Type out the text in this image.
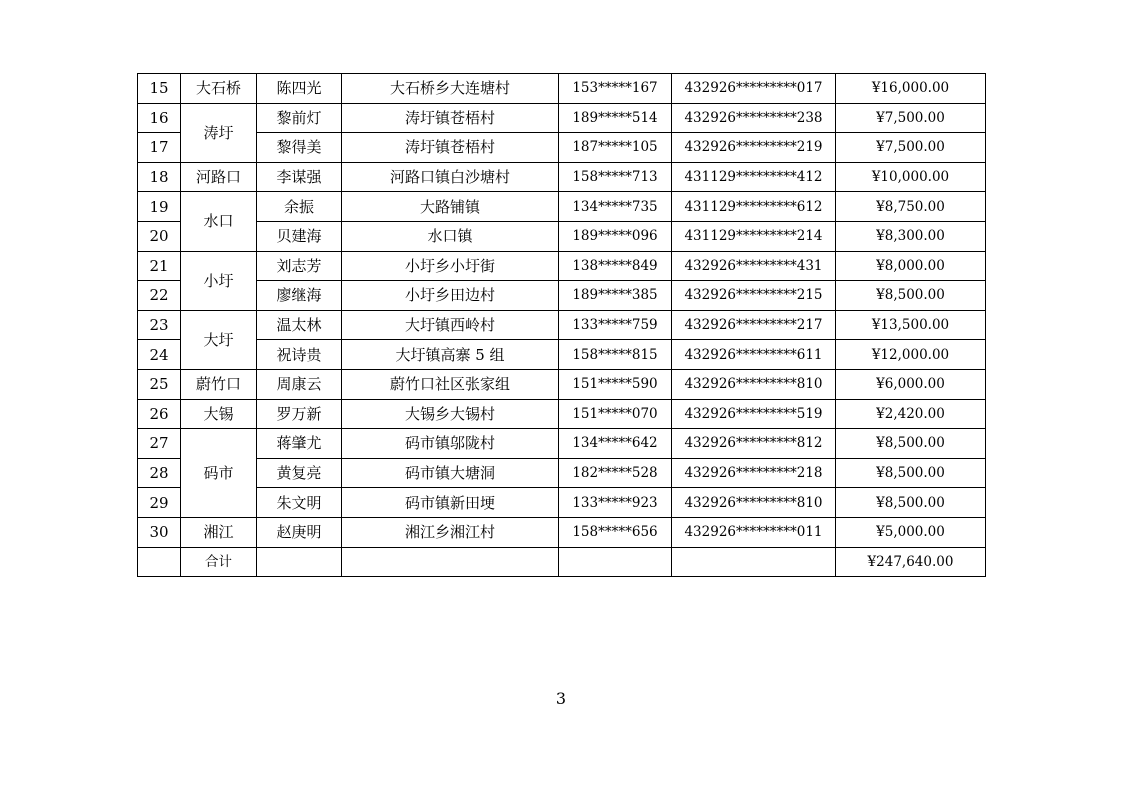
15	大石桥	陈四光	大石桥乡大连塘村	153*****167	432926*********017	¥16,000.00
16	涛圩	黎前灯	涛圩镇苍梧村	189*****514	432926*********238	¥7,500.00
17		黎得美	涛圩镇苍梧村	187*****105	432926*********219	¥7,500.00
18	河路口	李谋强	河路口镇白沙塘村	158*****713	431129*********412	¥10,000.00
19	水口	余振	大路铺镇	134*****735	431129*********612	¥8,750.00
20		贝建海	水口镇	189*****096	431129*********214	¥8,300.00
21	小圩	刘志芳	小圩乡小圩街	138*****849	432926*********431	¥8,000.00
22		廖继海	小圩乡田边村	189*****385	432926*********215	¥8,500.00
23	大圩	温太林	大圩镇西岭村	133*****759	432926*********217	¥13,500.00
24		祝诗贵	大圩镇高寨 5 组	158*****815	432926*********611	¥12,000.00
25	蔚竹口	周康云	蔚竹口社区张家组	151*****590	432926*********810	¥6,000.00
26	大锡	罗万新	大锡乡大锡村	151*****070	432926*********519	¥2,420.00
27	码市	蒋肇尤	码市镇邬陇村	134*****642	432926*********812	¥8,500.00
28		黄复亮	码市镇大塘洞	182*****528	432926*********218	¥8,500.00
29		朱文明	码市镇新田埂	133*****923	432926*********810	¥8,500.00
30	湘江	赵庚明	湘江乡湘江村	158*****656	432926*********011	¥5,000.00
	合计					¥247,640.00
3
